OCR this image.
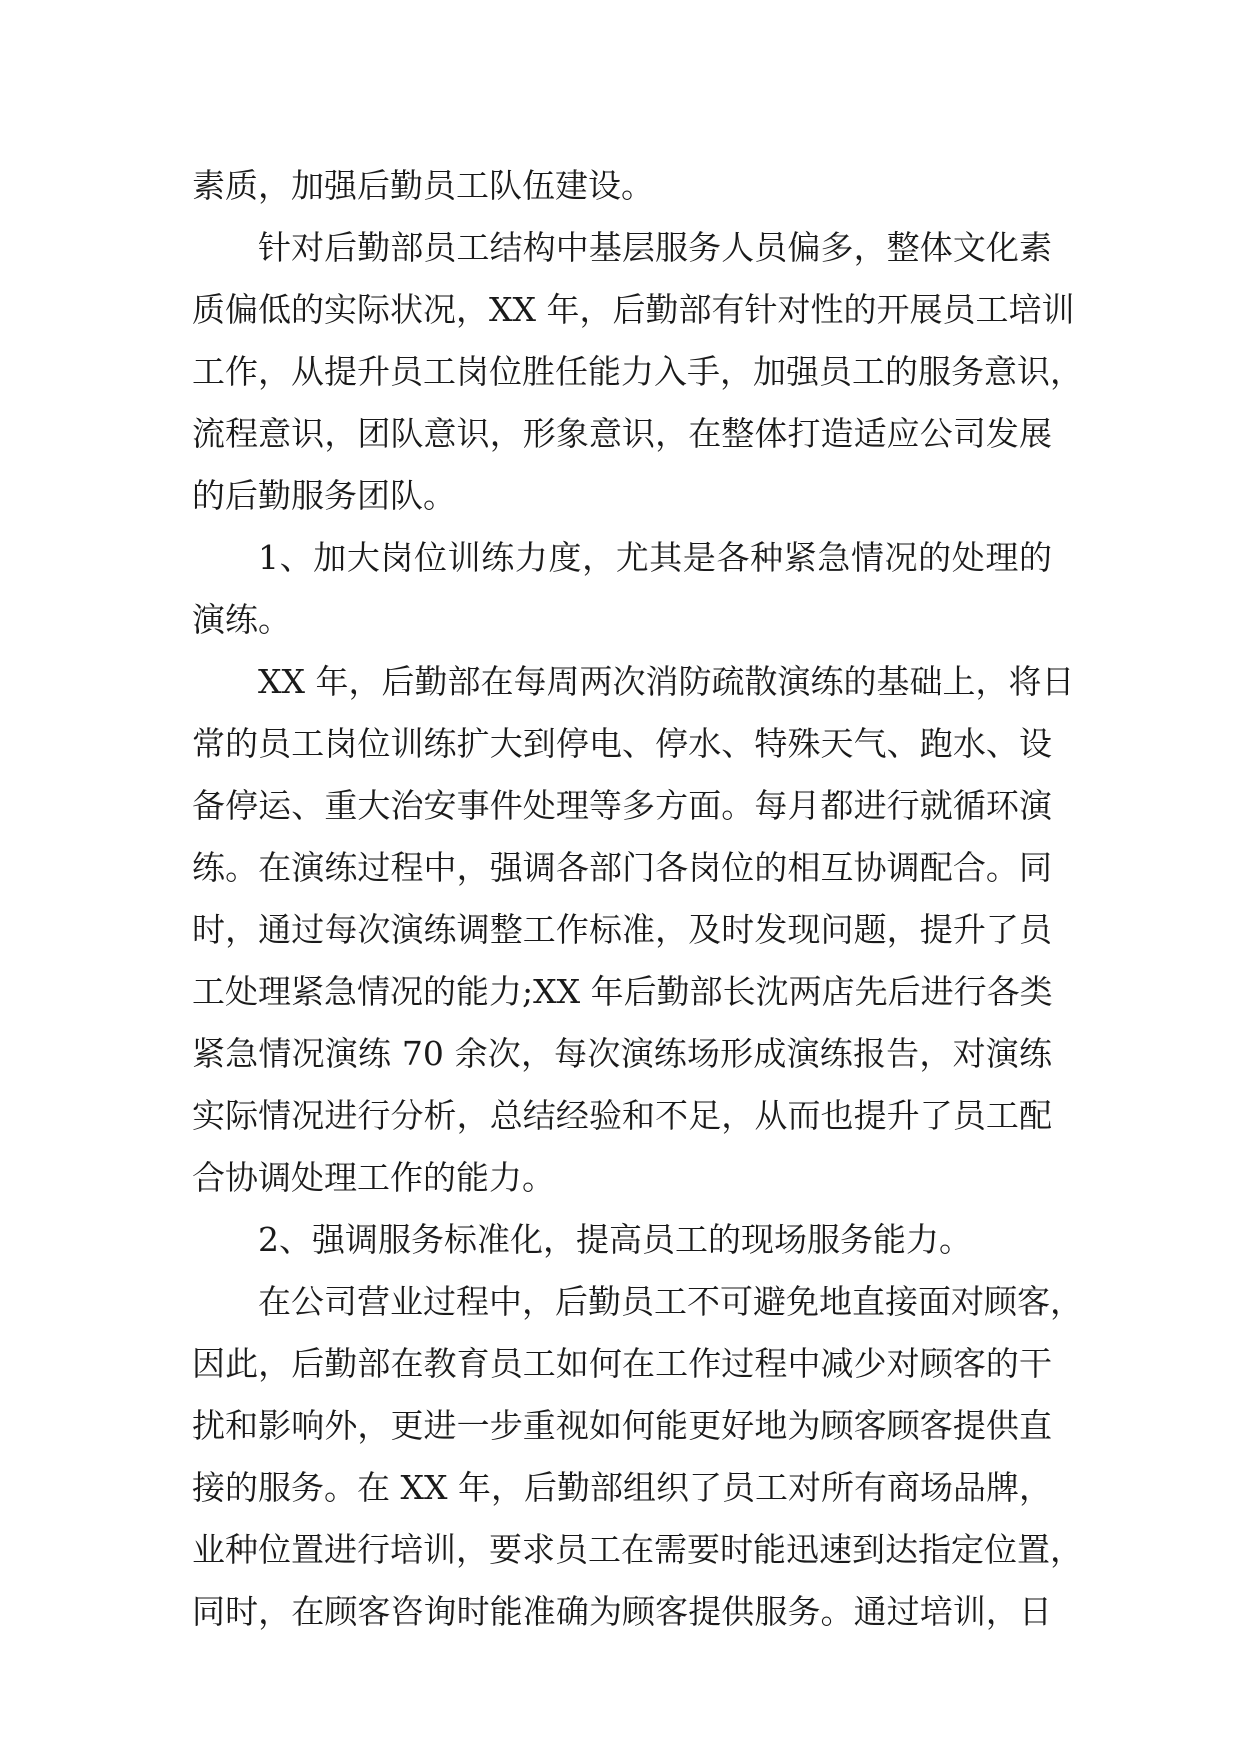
素质，加强后勤员工队伍建设。
针对后勤部员工结构中基层服务人员偏多，整体文化素
质偏低的实际状况，XX 年，后勤部有针对性的开展员工培训
工作，从提升员工岗位胜任能力入手，加强员工的服务意识，
流程意识，团队意识，形象意识，在整体打造适应公司发展
的后勤服务团队。
1、加大岗位训练力度，尤其是各种紧急情况的处理的
演练。
XX 年，后勤部在每周两次消防疏散演练的基础上，将日
常的员工岗位训练扩大到停电、停水、特殊天气、跑水、设
备停运、重大治安事件处理等多方面。每月都进行就循环演
练。在演练过程中，强调各部门各岗位的相互协调配合。同
时，通过每次演练调整工作标准，及时发现问题，提升了员
工处理紧急情况的能力;XX 年后勤部长沈两店先后进行各类
紧急情况演练 70 余次，每次演练场形成演练报告，对演练
实际情况进行分析，总结经验和不足，从而也提升了员工配
合协调处理工作的能力。
2、强调服务标准化，提高员工的现场服务能力。
在公司营业过程中，后勤员工不可避免地直接面对顾客，
因此，后勤部在教育员工如何在工作过程中减少对顾客的干
扰和影响外，更进一步重视如何能更好地为顾客顾客提供直
接的服务。在 XX 年，后勤部组织了员工对所有商场品牌，
业种位置进行培训，要求员工在需要时能迅速到达指定位置，
同时，在顾客咨询时能准确为顾客提供服务。通过培训，日
